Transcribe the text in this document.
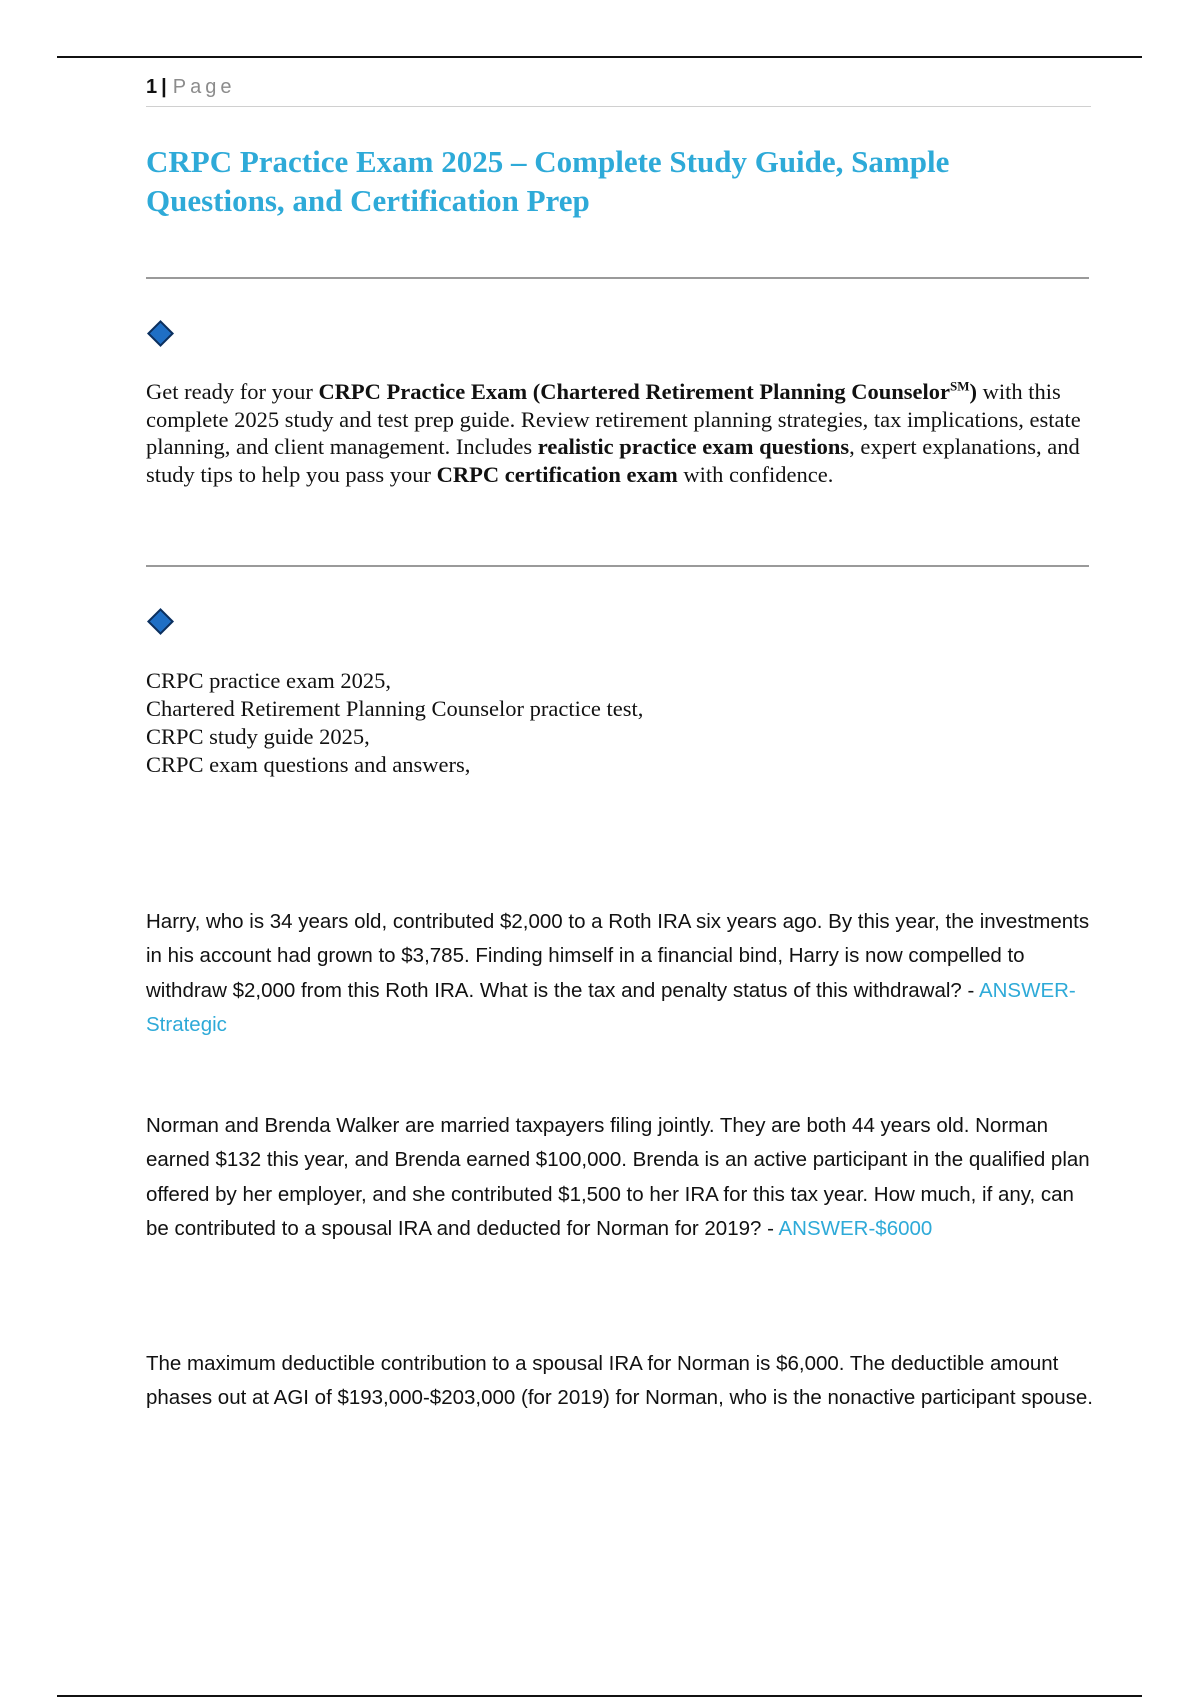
1 | Page
CRPC Practice Exam 2025 – Complete Study Guide, Sample Questions, and Certification Prep

Get ready for your CRPC Practice Exam (Chartered Retirement Planning Counselor℠) with this complete 2025 study and test prep guide. Review retirement planning strategies, tax implications, estate planning, and client management. Includes realistic practice exam questions, expert explanations, and study tips to help you pass your CRPC certification exam with confidence.

CRPC practice exam 2025,
Chartered Retirement Planning Counselor practice test,
CRPC study guide 2025,
CRPC exam questions and answers,

Harry, who is 34 years old, contributed $2,000 to a Roth IRA six years ago. By this year, the investments in his account had grown to $3,785. Finding himself in a financial bind, Harry is now compelled to withdraw $2,000 from this Roth IRA. What is the tax and penalty status of this withdrawal? - ANSWER-Strategic

Norman and Brenda Walker are married taxpayers filing jointly. They are both 44 years old. Norman earned $132 this year, and Brenda earned $100,000. Brenda is an active participant in the qualified plan offered by her employer, and she contributed $1,500 to her IRA for this tax year. How much, if any, can be contributed to a spousal IRA and deducted for Norman for 2019? - ANSWER-$6000

The maximum deductible contribution to a spousal IRA for Norman is $6,000. The deductible amount phases out at AGI of $193,000-$203,000 (for 2019) for Norman, who is the nonactive participant spouse.
